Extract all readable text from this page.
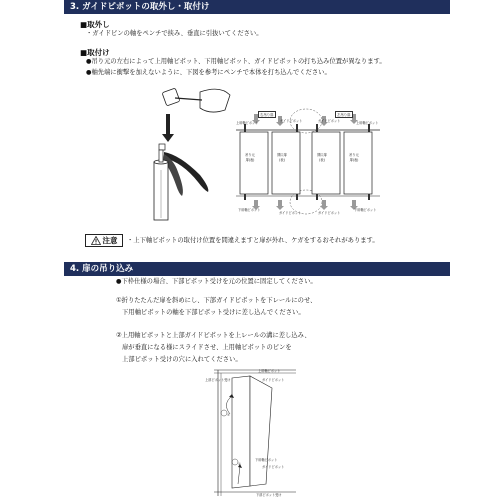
3. ガイドピボットの取外し・取付け
■取外し
・ガイドピンの軸をペンチで挟み、垂直に引抜いてください。
■取付け
●吊り元の左右によって上用軸ピボット、下用軸ピボット、ガイドピボットの打ち込み位置が異なります。
●軸先端に衝撃を加えないように、下図を参考にペンチで本体を打ち込んでください。
右吊り扉	左吊り扉
上用軸ピボット	ガイドピボット	ガイドピボット	上用軸ピボット
吊り元扉(表)
開口扉(表)
開口扉(表)
吊り元扉(表)
下用軸ピボット
ガイドピボット	ガイドピボット
下用軸ピボット
注意 ・上下軸ピボットの取付け位置を間違えますと扉が外れ、ケガをするおそれがあります。
4. 扉の吊り込み
●下枠仕様の場合、下部ピボット受けを元の位置に固定してください。
①折りたたんだ扉を斜めにし、下部ガイドピボットを下レールにのせ、
下用軸ピボットの軸を下部ピボット受けに差し込んでください。
②上用軸ピボットと上部ガイドピボットを上レールの溝に差し込み、
扉が垂直になる様にスライドさせ、上用軸ピボットのピンを
上部ピボット受けの穴に入れてください。
②
①
上用軸ピボット
上部ピボット受け	ガイドピボット
下用軸ピボット
ガイドピボット
下部ピボット受け
